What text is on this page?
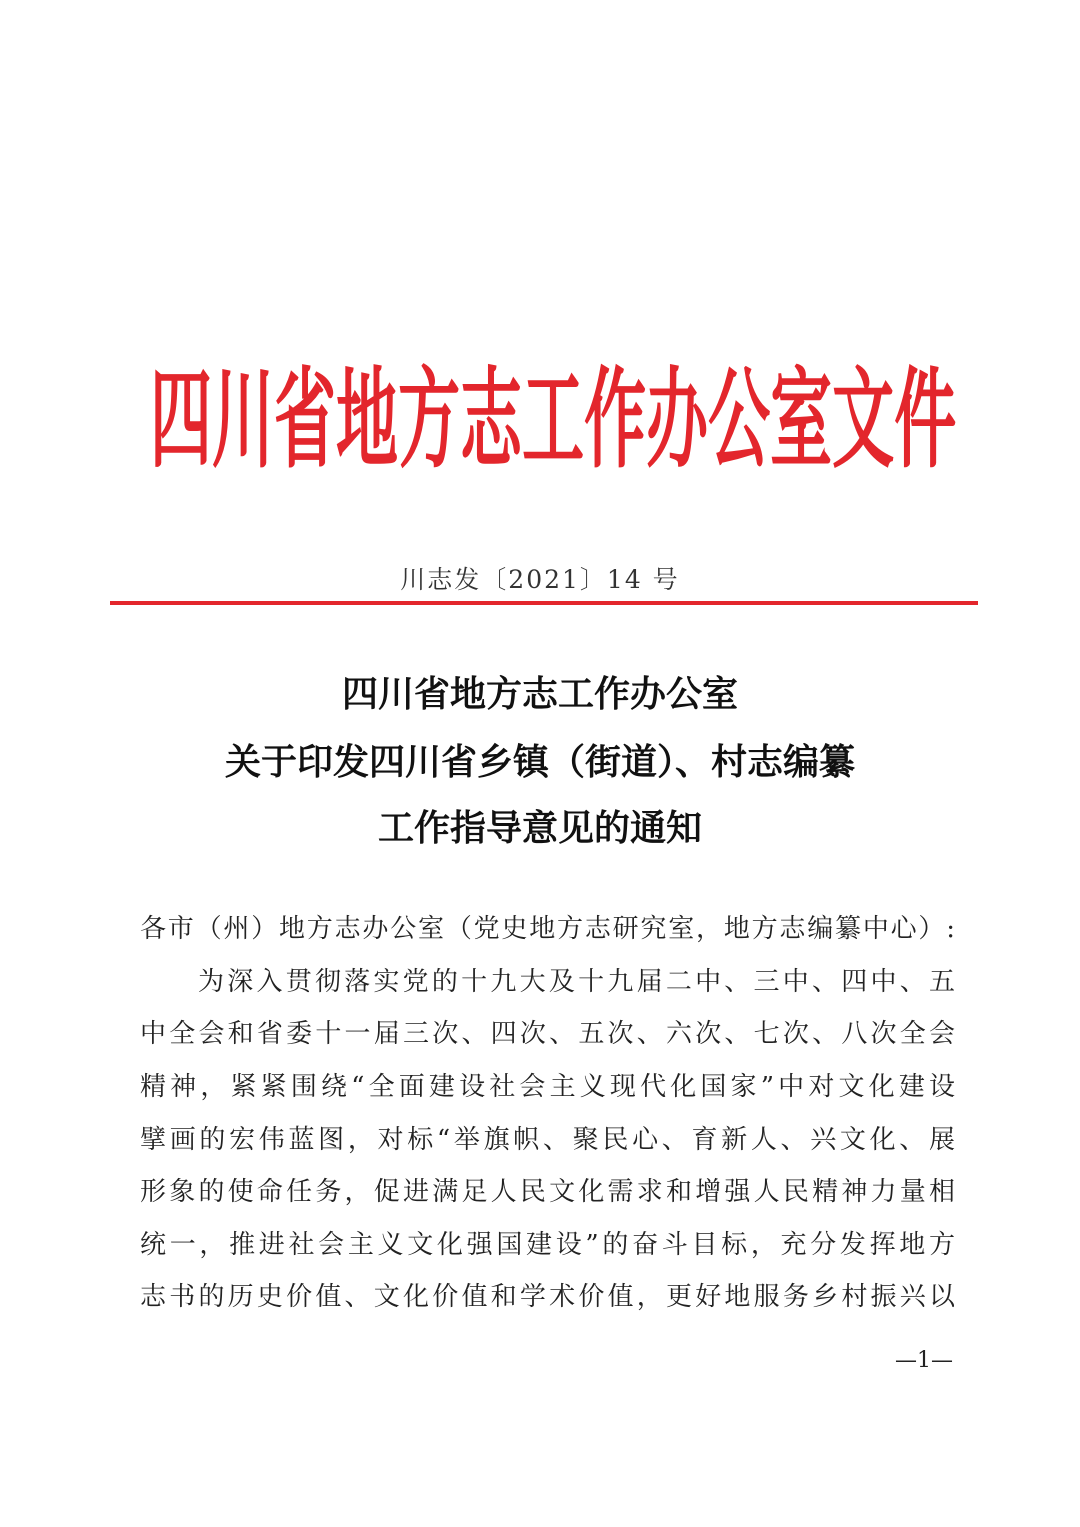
四 川 省 地 方 志 工 作 办 公 室 文 件
川志发〔2021〕14 号
四川省地方志工作办公室
关于印发四川省乡镇（街道）、村志编纂
工作指导意见的通知
各市（州）地方志办公室（党史地方志研究室，地方志编纂中心）:
为深入贯彻落实党的十九大及十九届二中、三中、四中、五
中全会和省委十一届三次、四次、五次、六次、七次、八次全会
精神，紧紧围绕“全面建设社会主义现代化国家”中对文化建设
擘画的宏伟蓝图，对标“举旗帜、聚民心、育新人、兴文化、展
形象的使命任务，促进满足人民文化需求和增强人民精神力量相
统一，推进社会主义文化强国建设”的奋斗目标，充分发挥地方
志书的历史价值、文化价值和学术价值，更好地服务乡村振兴以
—1—
